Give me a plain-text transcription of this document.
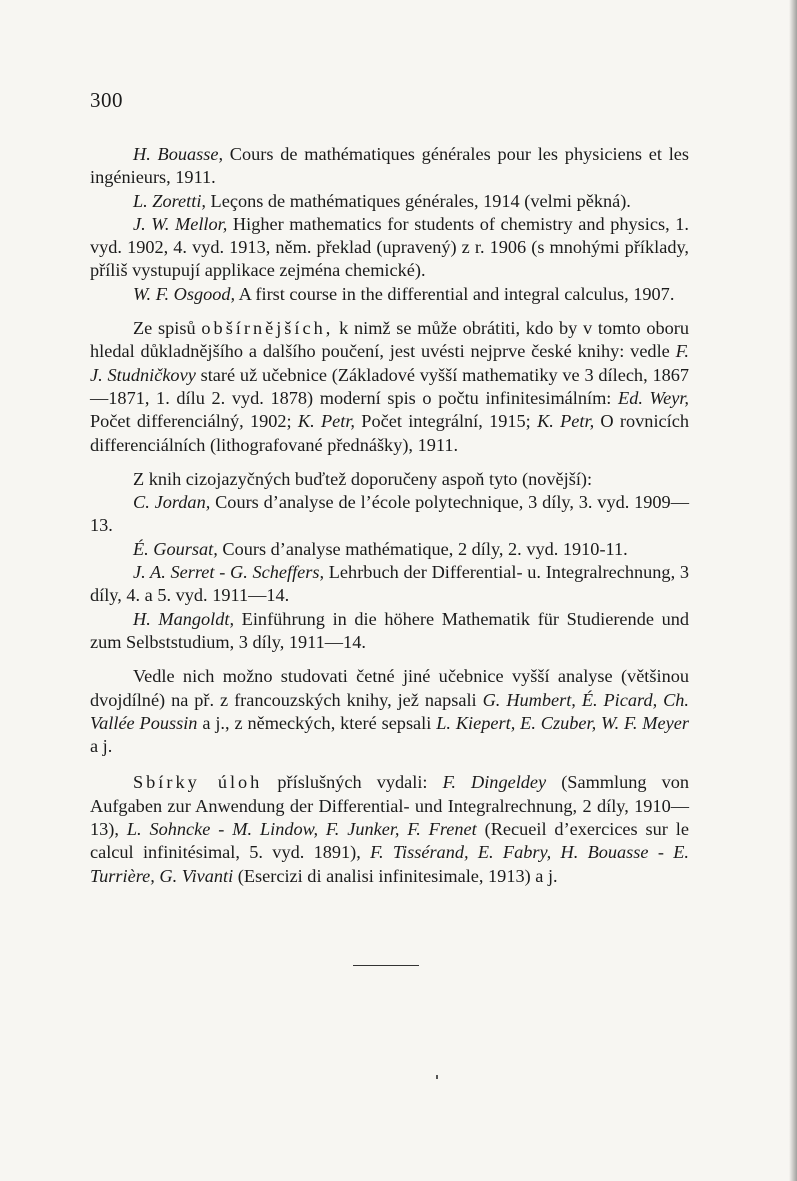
300

H. Bouasse, Cours de mathématiques générales pour les physiciens et les ingénieurs, 1911.

L. Zoretti, Leçons de mathématiques générales, 1914 (velmi pěkná).

J. W. Mellor, Higher mathematics for students of chemistry and physics, 1. vyd. 1902, 4. vyd. 1913, něm. překlad (upravený) z r. 1906 (s mnohými příklady, příliš vystupují applikace zejména chemické).

W. F. Osgood, A first course in the differential and integral calculus, 1907.

Ze spisů obšírnějších, k nimž se může obrátiti, kdo by v tomto oboru hledal důkladnějšího a dalšího poučení, jest uvésti nejprve české knihy: vedle F. J. Studničkovy staré už učebnice (Základové vyšší mathematiky ve 3 dílech, 1867—1871, 1. dílu 2. vyd. 1878) moderní spis o počtu infinitesimálním: Ed. Weyr, Počet differenciálný, 1902; K. Petr, Počet integrální, 1915; K. Petr, O rovnicích differenciálních (lithografované přednášky), 1911.

Z knih cizojazyčných buďtež doporučeny aspoň tyto (novější):

C. Jordan, Cours d’analyse de l’école polytechnique, 3 díly, 3. vyd. 1909—13.

É. Goursat, Cours d’analyse mathématique, 2 díly, 2. vyd. 1910-11.

J. A. Serret - G. Scheffers, Lehrbuch der Differential- u. Integralrechnung, 3 díly, 4. a 5. vyd. 1911—14.

H. Mangoldt, Einführung in die höhere Mathematik für Studierende und zum Selbststudium, 3 díly, 1911—14.

Vedle nich možno studovati četné jiné učebnice vyšší analyse (většinou dvojdílné) na př. z francouzských knihy, jež napsali G. Humbert, É. Picard, Ch. Vallée Poussin a j., z německých, které sepsali L. Kiepert, E. Czuber, W. F. Meyer a j.

Sbírky úloh příslušných vydali: F. Dingeldey (Sammlung von Aufgaben zur Anwendung der Differential- und Integralrechnung, 2 díly, 1910—13), L. Sohncke - M. Lindow, F. Junker, F. Frenet (Recueil d’exercices sur le calcul infinitésimal, 5. vyd. 1891), F. Tissérand, E. Fabry, H. Bouasse - E. Turrière, G. Vivanti (Esercizi di analisi infinitesimale, 1913) a j.
